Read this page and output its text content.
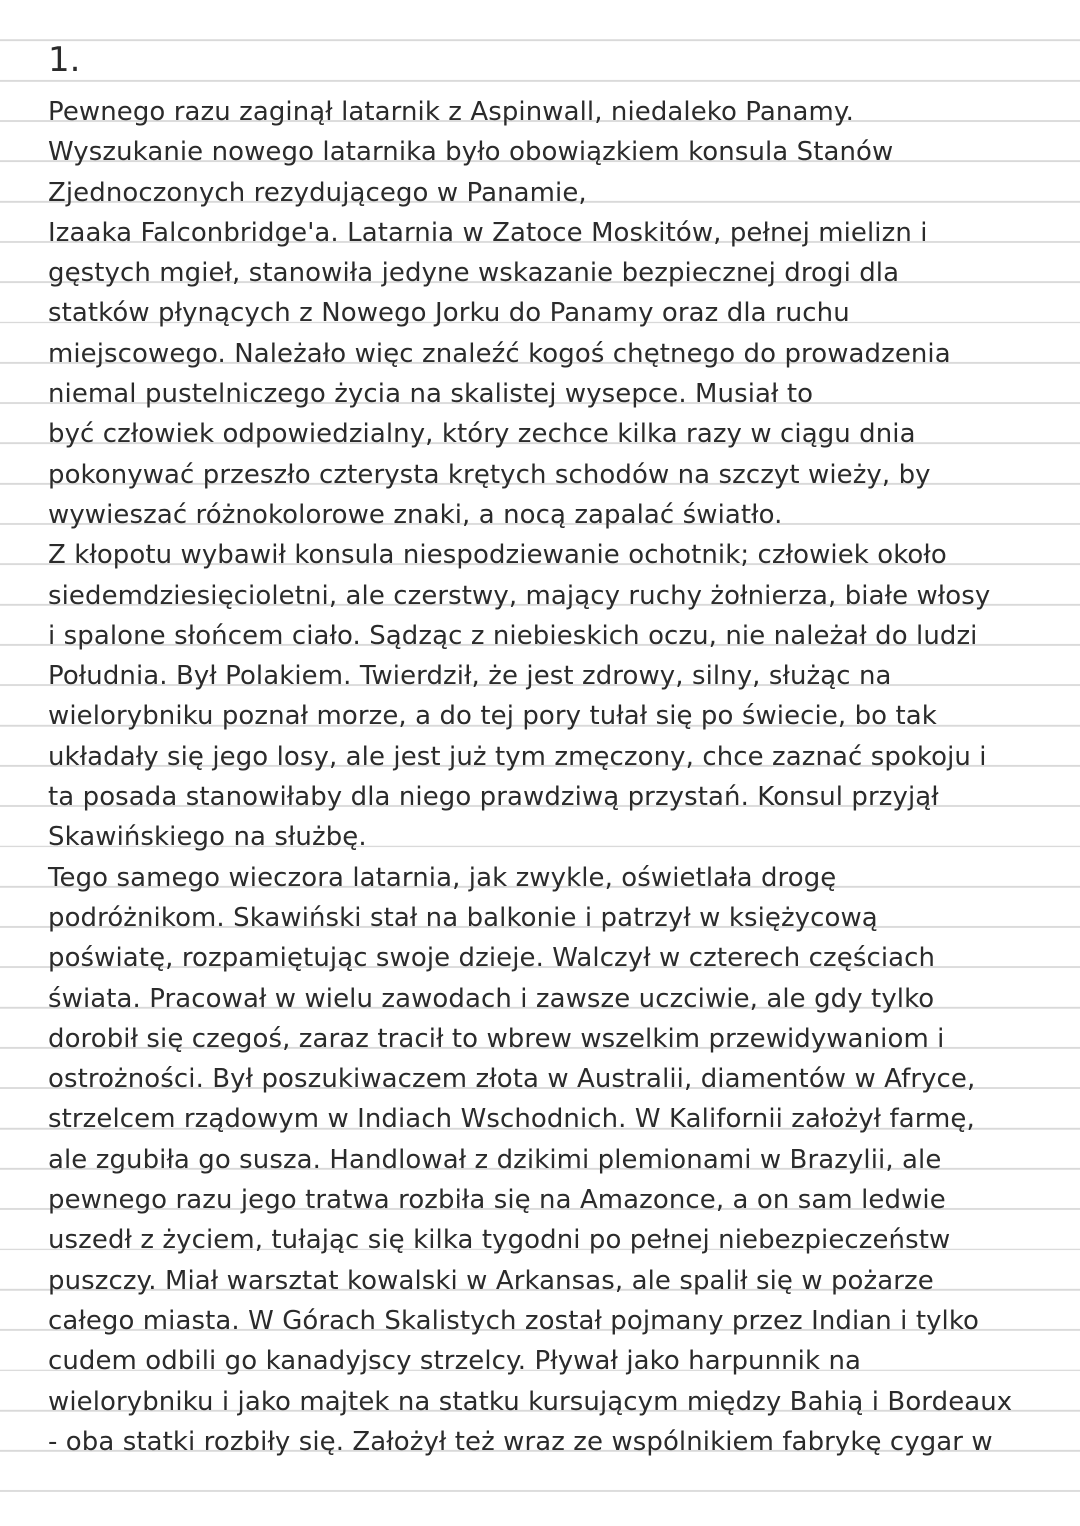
1.
Pewnego razu zaginął latarnik z Aspinwall, niedaleko Panamy.
Wyszukanie nowego latarnika było obowiązkiem konsula Stanów
Zjednoczonych rezydującego w Panamie,
Izaaka Falconbridge'a. Latarnia w Zatoce Moskitów, pełnej mielizn i
gęstych mgieł, stanowiła jedyne wskazanie bezpiecznej drogi dla
statków płynących z Nowego Jorku do Panamy oraz dla ruchu
miejscowego. Należało więc znaleźć kogoś chętnego do prowadzenia
niemal pustelniczego życia na skalistej wysepce. Musiał to
być człowiek odpowiedzialny, który zechce kilka razy w ciągu dnia
pokonywać przeszło czterysta krętych schodów na szczyt wieży, by
wywieszać różnokolorowe znaki, a nocą zapalać światło.
Z kłopotu wybawił konsula niespodziewanie ochotnik; człowiek około
siedemdziesięcioletni, ale czerstwy, mający ruchy żołnierza, białe włosy
i spalone słońcem ciało. Sądząc z niebieskich oczu, nie należał do ludzi
Południa. Był Polakiem. Twierdził, że jest zdrowy, silny, służąc na
wielorybniku poznał morze, a do tej pory tułał się po świecie, bo tak
układały się jego losy, ale jest już tym zmęczony, chce zaznać spokoju i
ta posada stanowiłaby dla niego prawdziwą przystań. Konsul przyjął
Skawińskiego na służbę.
Tego samego wieczora latarnia, jak zwykle, oświetlała drogę
podróżnikom. Skawiński stał na balkonie i patrzył w księżycową
poświatę, rozpamiętując swoje dzieje. Walczył w czterech częściach
świata. Pracował w wielu zawodach i zawsze uczciwie, ale gdy tylko
dorobił się czegoś, zaraz tracił to wbrew wszelkim przewidywaniom i
ostrożności. Był poszukiwaczem złota w Australii, diamentów w Afryce,
strzelcem rządowym w Indiach Wschodnich. W Kalifornii założył farmę,
ale zgubiła go susza. Handlował z dzikimi plemionami w Brazylii, ale
pewnego razu jego tratwa rozbiła się na Amazonce, a on sam ledwie
uszedł z życiem, tułając się kilka tygodni po pełnej niebezpieczeństw
puszczy. Miał warsztat kowalski w Arkansas, ale spalił się w pożarze
całego miasta. W Górach Skalistych został pojmany przez Indian i tylko
cudem odbili go kanadyjscy strzelcy. Pływał jako harpunnik na
wielorybniku i jako majtek na statku kursującym między Bahią i Bordeaux
- oba statki rozbiły się. Założył też wraz ze wspólnikiem fabrykę cygar w
